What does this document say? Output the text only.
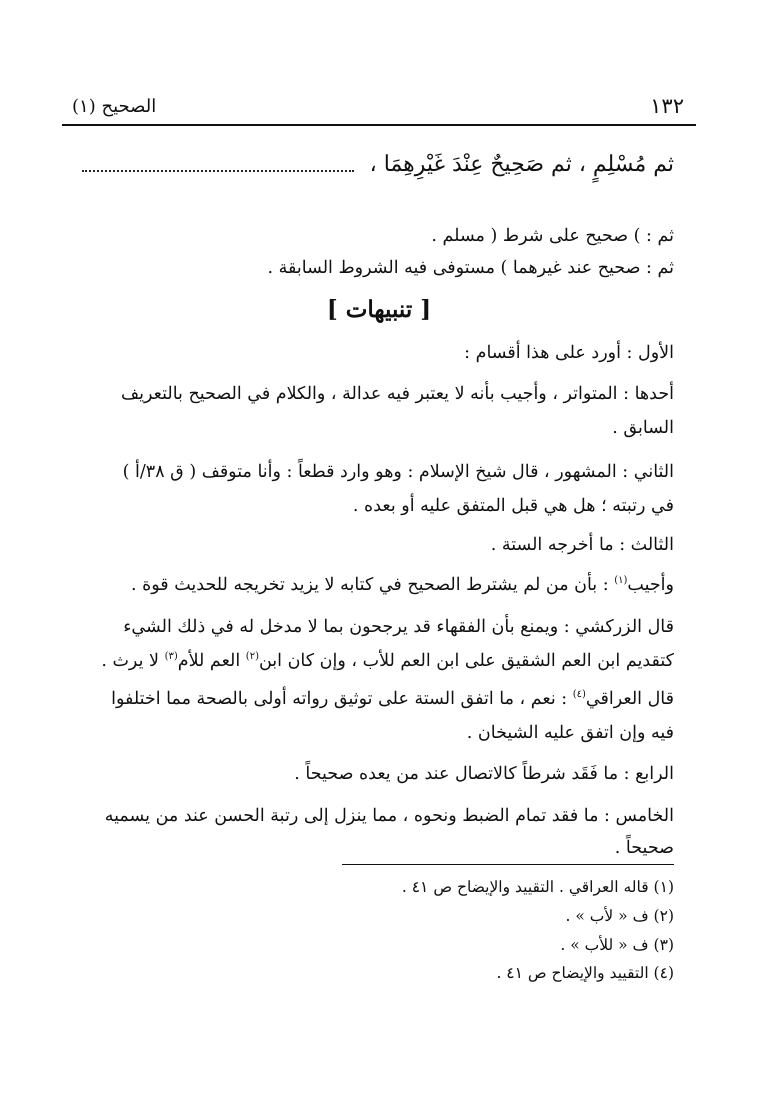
١٣٢
(١) الصحيح
ثم مُسْلِمٍ ، ثم صَحِيحٌ عِنْدَ غَيْرِهِمَا ،
ثم : ) صحيح على شرط ( مسلم .
ثم : صحيح عند غيرهما ) مستوفى فيه الشروط السابقة .
[ تنبيهات ]
الأول : أورد على هذا أقسام :
أحدها : المتواتر ، وأجيب بأنه لا يعتبر فيه عدالة ، والكلام في الصحيح بالتعريف
السابق .
الثاني : المشهور ، قال شيخ الإسلام : وهو وارد قطعاً : وأنا متوقف ( ق ٣٨/أ )
في رتبته ؛ هل هي قبل المتفق عليه أو بعده .
الثالث : ما أخرجه الستة .
وأجيب$^{(١)}$ : بأن من لم يشترط الصحيح في كتابه لا يزيد تخريجه للحديث قوة .
قال الزركشي : ويمنع بأن الفقهاء قد يرجحون بما لا مدخل له في ذلك الشيء
كتقديم ابن العم الشقيق على ابن العم للأب ، وإن كان ابن$^{(٢)}$ العم للأم$^{(٣)}$ لا يرث .
قال العراقي$^{(٤)}$ : نعم ، ما اتفق الستة على توثيق رواته أولى بالصحة مما اختلفوا
فيه وإن اتفق عليه الشيخان .
الرابع : ما فَقَد شرطاً كالاتصال عند من يعده صحيحاً .
الخامس : ما فقد تمام الضبط ونحوه ، مما ينزل إلى رتبة الحسن عند من يسميه
صحيحاً .
(١) قاله العراقي . التقييد والإيضاح ص ٤١ .
(٢) ف « لأب » .
(٣) ف « للأب » .
(٤) التقييد والإيضاح ص ٤١ .
